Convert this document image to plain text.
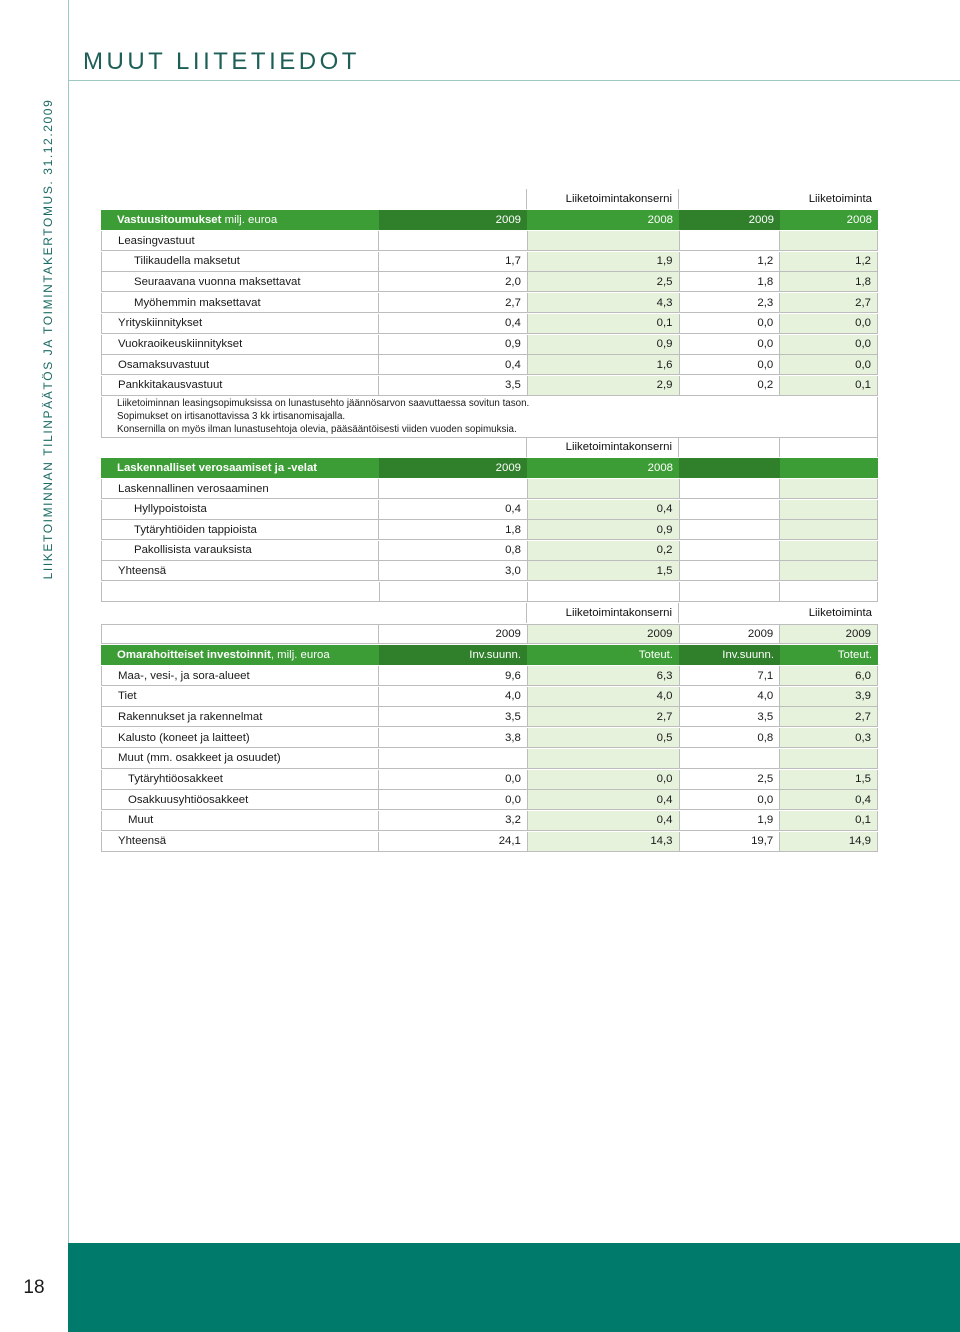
LIIKETOIMINNAN TILINPÄÄTÖS JA TOIMINTAKERTOMUS. 31.12.2009
MUUT LIITETIEDOT
Liiketoimintakonserni	Liiketoiminta
Vastuusitoumukset milj. euroa	2009	2008	2009	2008
Leasingvastuut
Tilikaudella maksetut	1,7	1,9	1,2	1,2
Seuraavana vuonna maksettavat	2,0	2,5	1,8	1,8
Myöhemmin maksettavat	2,7	4,3	2,3	2,7
Yrityskiinnitykset	0,4	0,1	0,0	0,0
Vuokraoikeuskiinnitykset	0,9	0,9	0,0	0,0
Osamaksuvastuut	0,4	1,6	0,0	0,0
Pankkitakausvastuut	3,5	2,9	0,2	0,1
Liiketoiminnan leasingsopimuksissa on lunastusehto jäännösarvon saavuttaessa sovitun tason.
Sopimukset on irtisanottavissa 3 kk irtisanomisajalla.
Konsernilla on myös ilman lunastusehtoja olevia, pääsääntöisesti viiden vuoden sopimuksia.
Liiketoimintakonserni
Laskennalliset verosaamiset ja -velat	2009	2008
Laskennallinen verosaaminen
Hyllypoistoista	0,4	0,4
Tytäryhtiöiden tappioista	1,8	0,9
Pakollisista varauksista	0,8	0,2
Yhteensä	3,0	1,5
Liiketoimintakonserni	Liiketoiminta
2009	2009	2009	2009
Omarahoitteiset investoinnit , milj. euroa	Inv.suunn.	Toteut.	Inv.suunn.	Toteut.
Maa-, vesi-, ja sora-alueet	9,6	6,3	7,1	6,0
Tiet	4,0	4,0	4,0	3,9
Rakennukset ja rakennelmat	3,5	2,7	3,5	2,7
Kalusto (koneet ja laitteet)	3,8	0,5	0,8	0,3
Muut (mm. osakkeet ja osuudet)
Tytäryhtiöosakkeet	0,0	0,0	2,5	1,5
Osakkuusyhtiöosakkeet	0,0	0,4	0,0	0,4
Muut	3,2	0,4	1,9	0,1
Yhteensä	24,1	14,3	19,7	14,9
18
